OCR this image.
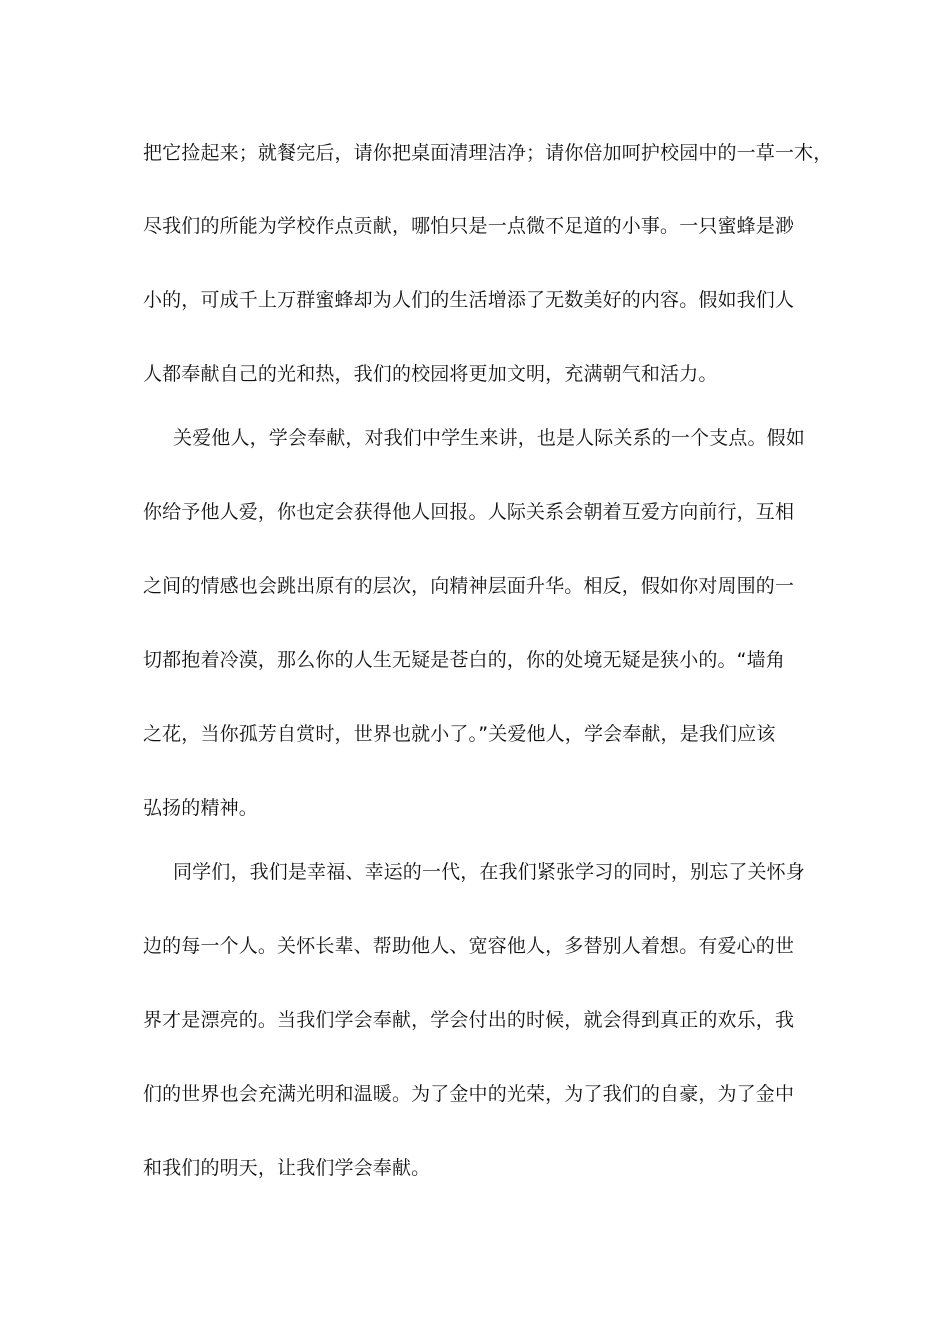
把它捡起来；就餐完后，请你把桌面清理洁净；请你倍加呵护校园中的一草一木，
尽我们的所能为学校作点贡献，哪怕只是一点微不足道的小事。一只蜜蜂是渺
小的，可成千上万群蜜蜂却为人们的生活增添了无数美好的内容。假如我们人
人都奉献自己的光和热，我们的校园将更加文明，充满朝气和活力。
关爱他人，学会奉献，对我们中学生来讲，也是人际关系的一个支点。假如
你给予他人爱，你也定会获得他人回报。人际关系会朝着互爱方向前行，互相
之间的情感也会跳出原有的层次，向精神层面升华。相反，假如你对周围的一
切都抱着冷漠，那么你的人生无疑是苍白的，你的处境无疑是狭小的。“墙角
之花，当你孤芳自赏时，世界也就小了。”关爱他人，学会奉献，是我们应该
弘扬的精神。
同学们，我们是幸福、幸运的一代，在我们紧张学习的同时，别忘了关怀身
边的每一个人。关怀长辈、帮助他人、宽容他人，多替别人着想。有爱心的世
界才是漂亮的。当我们学会奉献，学会付出的时候，就会得到真正的欢乐，我
们的世界也会充满光明和温暖。为了金中的光荣，为了我们的自豪，为了金中
和我们的明天，让我们学会奉献。
